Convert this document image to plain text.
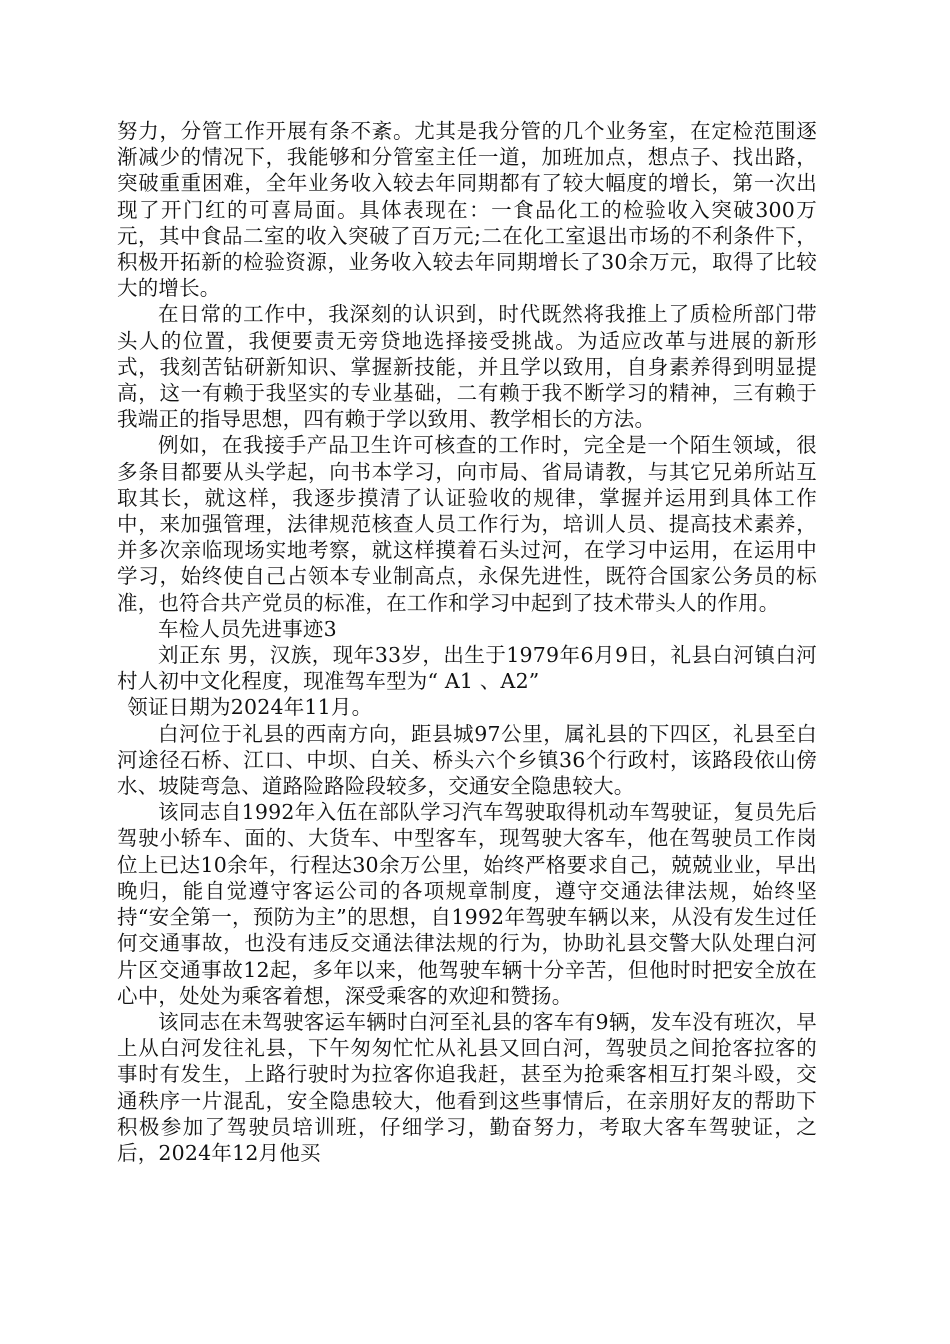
努力，分管工作开展有条不紊。尤其是我分管的几个业务室，在定检范围逐渐减少的情况下，我能够和分管室主任一道，加班加点，想点子、找出路，突破重重困难，全年业务收入较去年同期都有了较大幅度的增长，第一次出现了开门红的可喜局面。具体表现在：一食品化工的检验收入突破300万元，其中食品二室的收入突破了百万元;二在化工室退出市场的不利条件下，积极开拓新的检验资源，业务收入较去年同期增长了30余万元，取得了比较大的增长。

在日常的工作中，我深刻的认识到，时代既然将我推上了质检所部门带头人的位置，我便要责无旁贷地选择接受挑战。为适应改革与进展的新形式，我刻苦钻研新知识、掌握新技能，并且学以致用，自身素养得到明显提高，这一有赖于我坚实的专业基础，二有赖于我不断学习的精神，三有赖于我端正的指导思想，四有赖于学以致用、教学相长的方法。

例如，在我接手产品卫生许可核查的工作时，完全是一个陌生领域，很多条目都要从头学起，向书本学习，向市局、省局请教，与其它兄弟所站互取其长，就这样，我逐步摸清了认证验收的规律，掌握并运用到具体工作中，来加强管理，法律规范核查人员工作行为，培训人员、提高技术素养，并多次亲临现场实地考察，就这样摸着石头过河，在学习中运用，在运用中学习，始终使自己占领本专业制高点，永保先进性，既符合国家公务员的标准，也符合共产党员的标准，在工作和学习中起到了技术带头人的作用。

车检人员先进事迹3

刘正东 男，汉族，现年33岁，出生于1979年6月9日，礼县白河镇白河村人初中文化程度，现准驾车型为“ A1 、A2”

领证日期为2024年11月。

白河位于礼县的西南方向，距县城97公里，属礼县的下四区，礼县至白河途径石桥、江口、中坝、白关、桥头六个乡镇36个行政村，该路段依山傍水、坡陡弯急、道路险路险段较多，交通安全隐患较大。

该同志自1992年入伍在部队学习汽车驾驶取得机动车驾驶证，复员先后驾驶小轿车、面的、大货车、中型客车，现驾驶大客车，他在驾驶员工作岗位上已达10余年，行程达30余万公里，始终严格要求自己，兢兢业业，早出晚归，能自觉遵守客运公司的各项规章制度，遵守交通法律法规，始终坚持“安全第一，预防为主”的思想，自1992年驾驶车辆以来，从没有发生过任何交通事故，也没有违反交通法律法规的行为，协助礼县交警大队处理白河片区交通事故12起，多年以来，他驾驶车辆十分辛苦，但他时时把安全放在心中，处处为乘客着想，深受乘客的欢迎和赞扬。

该同志在未驾驶客运车辆时白河至礼县的客车有9辆，发车没有班次，早上从白河发往礼县，下午匆匆忙忙从礼县又回白河，驾驶员之间抢客拉客的事时有发生，上路行驶时为拉客你追我赶，甚至为抢乘客相互打架斗殴，交通秩序一片混乱，安全隐患较大，他看到这些事情后，在亲朋好友的帮助下积极参加了驾驶员培训班，仔细学习，勤奋努力，考取大客车驾驶证，之后，2024年12月他买
